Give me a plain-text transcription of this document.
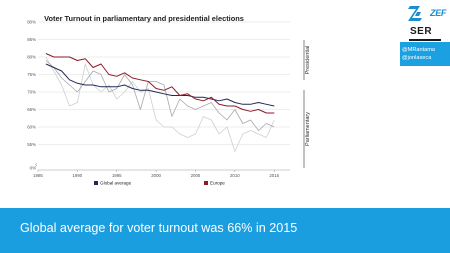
80%
85%
80%
75%
70%
65%
60%
55%
0%
1985	1990	1995	2000	2005	2010	2015
Global average	Europe
Presidential
Parliamentary
Voter Turnout in parliamentary and presidential elections
ZEF
SER
@MRantama
@jonlaseca
Global average for voter turnout was 66% in 2015
